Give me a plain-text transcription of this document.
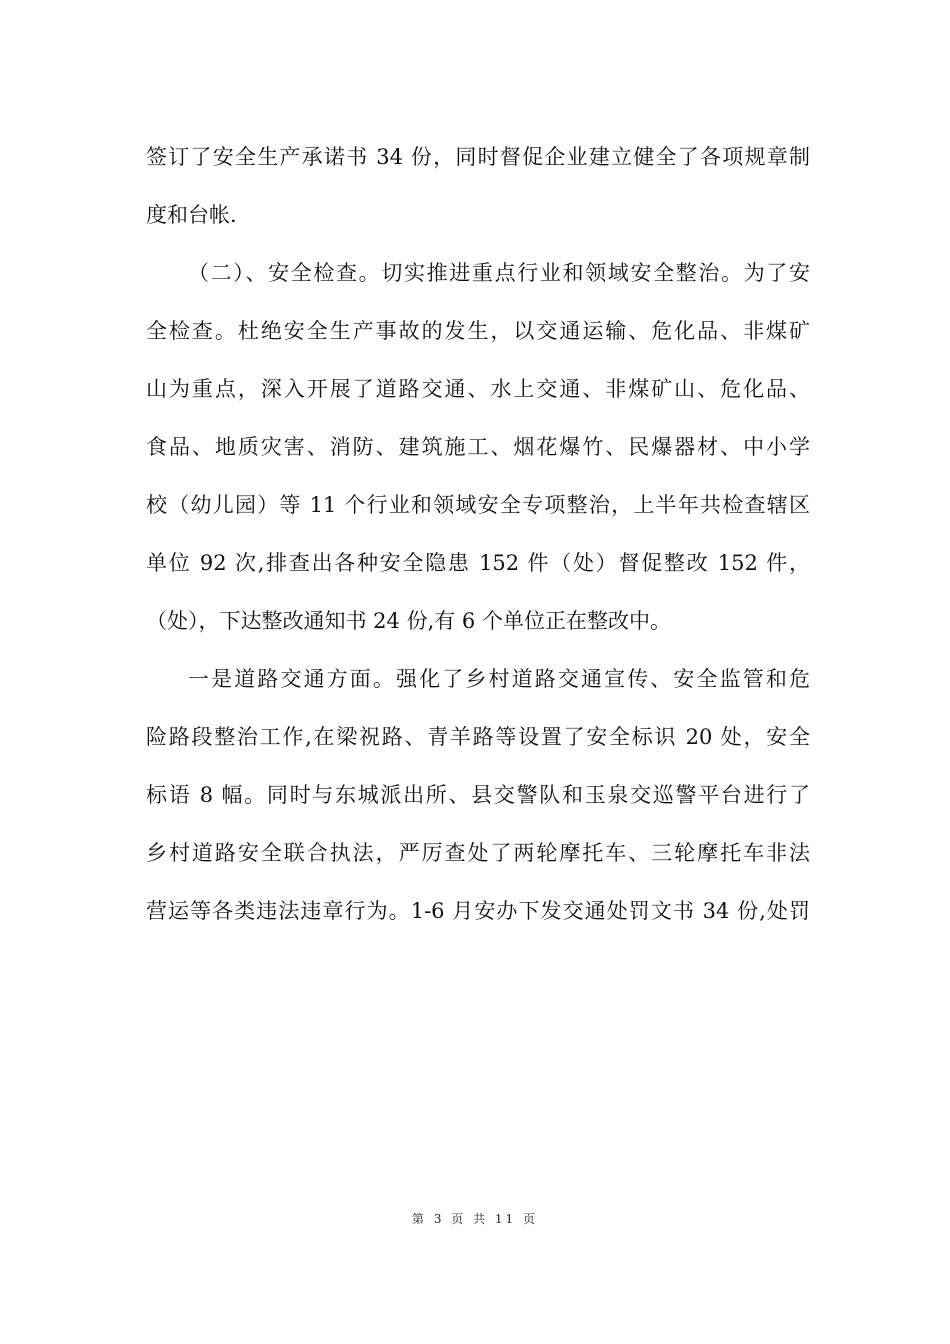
签订了安全生产承诺书 34 份，同时督促企业建立健全了各项规章制
度和台帐.
（二）、安全检查。切实推进重点行业和领域安全整治。为了安
全检查。杜绝安全生产事故的发生，以交通运输、危化品、非煤矿
山为重点，深入开展了道路交通、水上交通、非煤矿山、危化品、
食品、地质灾害、消防、建筑施工、烟花爆竹、民爆器材、中小学
校（幼儿园）等 11 个行业和领域安全专项整治，上半年共检查辖区
单位 92 次,排查出各种安全隐患 152 件（处）督促整改 152 件，
（处），下达整改通知书 24 份,有 6 个单位正在整改中。
一是道路交通方面。强化了乡村道路交通宣传、安全监管和危
险路段整治工作,在梁祝路、青羊路等设置了安全标识 20 处，安全
标语 8 幅。同时与东城派出所、县交警队和玉泉交巡警平台进行了
乡村道路安全联合执法，严厉查处了两轮摩托车、三轮摩托车非法
营运等各类违法违章行为。1-6 月安办下发交通处罚文书 34 份,处罚
第 3 页 共 11 页
